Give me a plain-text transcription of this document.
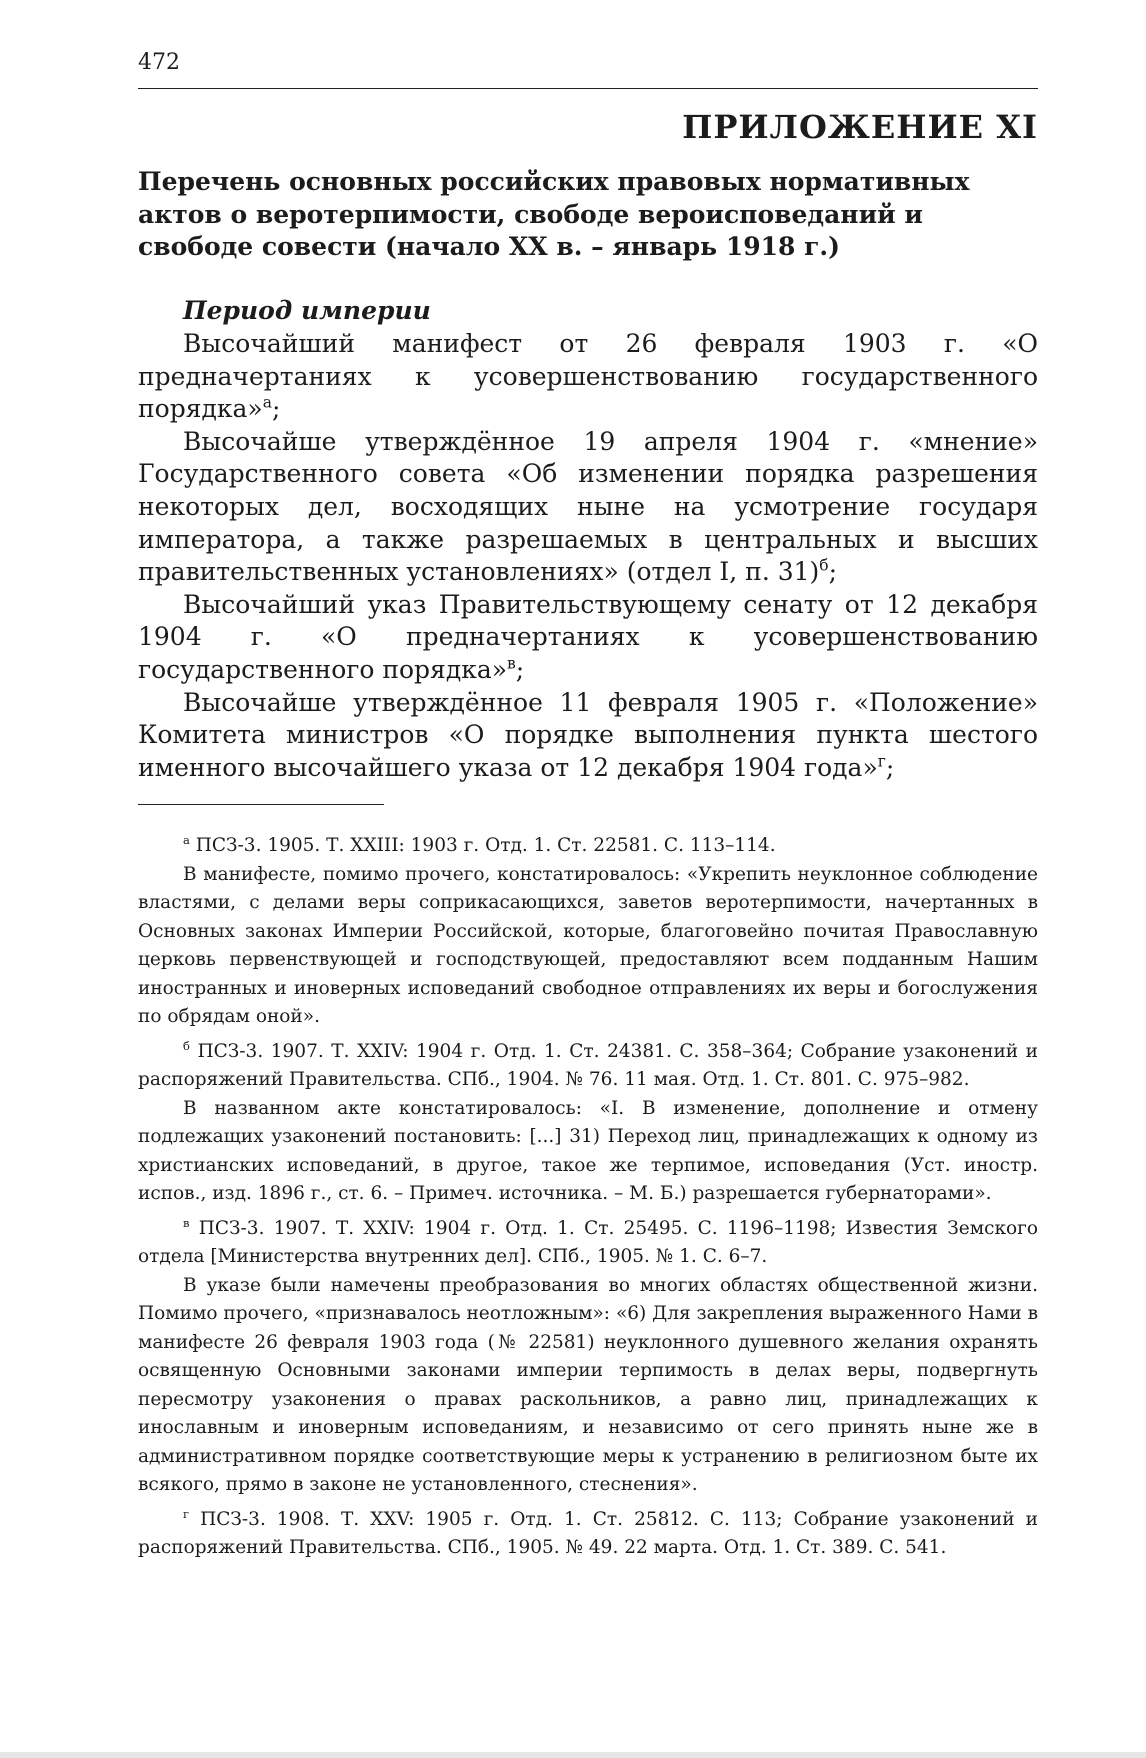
472
ПРИЛОЖЕНИЕ XI
Перечень основных российских правовых нормативных актов о веротерпимости, свободе вероисповеданий и свободе совести (начало XX в. – январь 1918 г.)
Период империи

Высочайший манифест от 26 февраля 1903 г. «О предначертаниях к усовершенствованию государственного порядка»$^а$;

Высочайше утверждённое 19 апреля 1904 г. «мнение» Государственного совета «Об изменении порядка разрешения некоторых дел, восходящих ныне на усмотрение государя императора, а также разрешаемых в центральных и высших правительственных установлениях» (отдел I, п. 31)$^б$;

Высочайший указ Правительствующему сенату от 12 декабря 1904 г. «О предначертаниях к усовершенствованию государственного порядка»$^в$;

Высочайше утверждённое 11 февраля 1905 г. «Положение» Комитета министров «О порядке выполнения пункта шестого именного высочайшего указа от 12 декабря 1904 года»$^г$;

$^а$ ПСЗ-3. 1905. Т. XXIII: 1903 г. Отд. 1. Ст. 22581. С. 113–114.

В манифесте, помимо прочего, констатировалось: «Укрепить неуклонное соблюдение властями, с делами веры соприкасающихся, заветов веротерпимости, начертанных в Основных законах Империи Российской, которые, благоговейно почитая Православную церковь первенствующей и господствующей, предоставляют всем подданным Нашим иностранных и иноверных исповеданий свободное отправлениях их веры и богослужения по обрядам оной».

$^б$ ПСЗ-3. 1907. Т. XXIV: 1904 г. Отд. 1. Ст. 24381. С. 358–364; Собрание узаконений и распоряжений Правительства. СПб., 1904. № 76. 11 мая. Отд. 1. Ст. 801. С. 975–982.

В названном акте констатировалось: «I. В изменение, дополнение и отмену подлежащих узаконений постановить: [...] 31) Переход лиц, принадлежащих к одному из христианских исповеданий, в другое, такое же терпимое, исповедания (Уст. иностр. испов., изд. 1896 г., ст. 6. – Примеч. источника. – М. Б.) разрешается губернаторами».

$^в$ ПСЗ-3. 1907. Т. XXIV: 1904 г. Отд. 1. Ст. 25495. С. 1196–1198; Известия Земского отдела [Министерства внутренних дел]. СПб., 1905. № 1. С. 6–7.

В указе были намечены преобразования во многих областях общественной жизни. Помимо прочего, «признавалось неотложным»: «6) Для закрепления выраженного Нами в манифесте 26 февраля 1903 года (№ 22581) неуклонного душевного желания охранять освященную Основными законами империи терпимость в делах веры, подвергнуть пересмотру узаконения о правах раскольников, а равно лиц, принадлежащих к инославным и иноверным исповеданиям, и независимо от сего принять ныне же в административном порядке соответствующие меры к устранению в религиозном быте их всякого, прямо в законе не установленного, стеснения».

$^г$ ПСЗ-3. 1908. Т. XXV: 1905 г. Отд. 1. Ст. 25812. С. 113; Собрание узаконений и распоряжений Правительства. СПб., 1905. № 49. 22 марта. Отд. 1. Ст. 389. С. 541.
